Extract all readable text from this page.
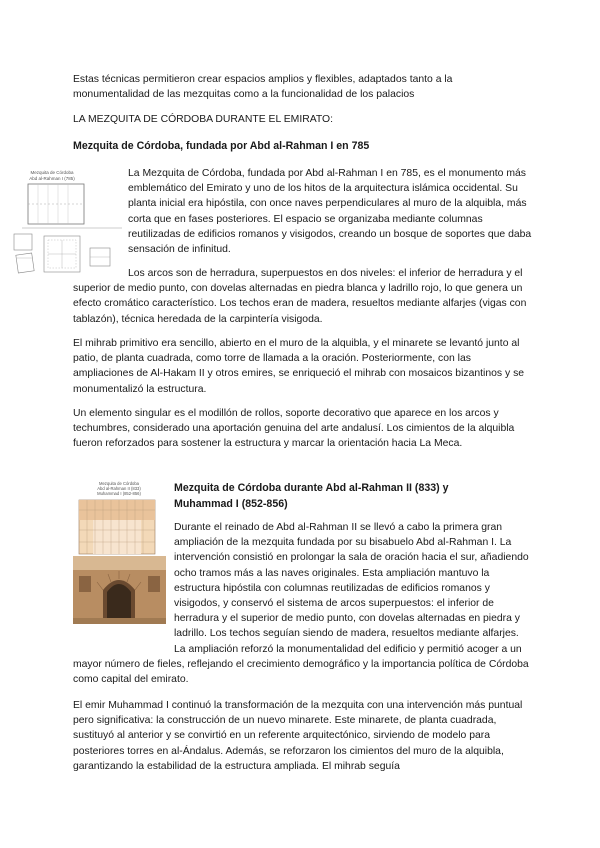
Estas técnicas permitieron crear espacios amplios y flexibles, adaptados tanto a la monumentalidad de las mezquitas como a la funcionalidad de los palacios

LA MEZQUITA DE CÓRDOBA DURANTE EL EMIRATO:

Mezquita de Córdoba, fundada por Abd al-Rahman I en 785

Mezquita de Córdoba
Abd al-Rahman I (785)	La Mezquita de Córdoba, fundada por Abd al-Rahman I en 785, es el monumento más emblemático del Emirato y uno de los hitos de la arquitectura islámica occidental. Su planta inicial era hipóstila, con once naves perpendiculares al muro de la alquibla, más corta que en fases posteriores. El espacio se organizaba mediante columnas reutilizadas de edificios romanos y visigodos, creando un bosque de soportes que daba sensación de infinitud.

Los arcos son de herradura, superpuestos en dos niveles: el inferior de herradura y el superior de medio punto, con dovelas alternadas en piedra blanca y ladrillo rojo, lo que genera un efecto cromático característico. Los techos eran de madera, resueltos mediante alfarjes (vigas con tablazón), técnica heredada de la carpintería visigoda.

El mihrab primitivo era sencillo, abierto en el muro de la alquibla, y el minarete se levantó junto al patio, de planta cuadrada, como torre de llamada a la oración. Posteriormente, con las ampliaciones de Al-Hakam II y otros emires, se enriqueció el mihrab con mosaicos bizantinos y se monumentalizó la estructura.

Un elemento singular es el modillón de rollos, soporte decorativo que aparece en los arcos y techumbres, considerado una aportación genuina del arte andalusí. Los cimientos de la alquibla fueron reforzados para sostener la estructura y marcar la orientación hacia La Meca.

Mezquita de Córdoba
Abd al-Rahman II (833)
Muhammad I (852-856)	Mezquita de Córdoba durante Abd al-Rahman II (833) y Muhammad I (852-856)

Durante el reinado de Abd al-Rahman II se llevó a cabo la primera gran
ampliación de la mezquita fundada por su bisabuelo Abd al-Rahman I. La
intervención consistió en prolongar la sala de oración hacia el sur, añadiendo
ocho tramos más a las naves originales. Esta ampliación mantuvo la
estructura hipóstila con columnas reutilizadas de edificios romanos y
visigodos, y conservó el sistema de arcos superpuestos: el inferior de
herradura y el superior de medio punto, con dovelas alternadas en piedra y
ladrillo. Los techos seguían siendo de madera, resueltos mediante alfarjes.
La ampliación reforzó la monumentalidad del edificio y permitió acoger a un
mayor número de fieles, reflejando el crecimiento demográfico y la importancia política de Córdoba como capital del emirato.

El emir Muhammad I continuó la transformación de la mezquita con una intervención más puntual pero significativa: la construcción de un nuevo minarete. Este minarete, de planta cuadrada, sustituyó al anterior y se convirtió en un referente arquitectónico, sirviendo de modelo para posteriores torres en al-Ándalus. Además, se reforzaron los cimientos del muro de la alquibla, garantizando la estabilidad de la estructura ampliada. El mihrab seguía
